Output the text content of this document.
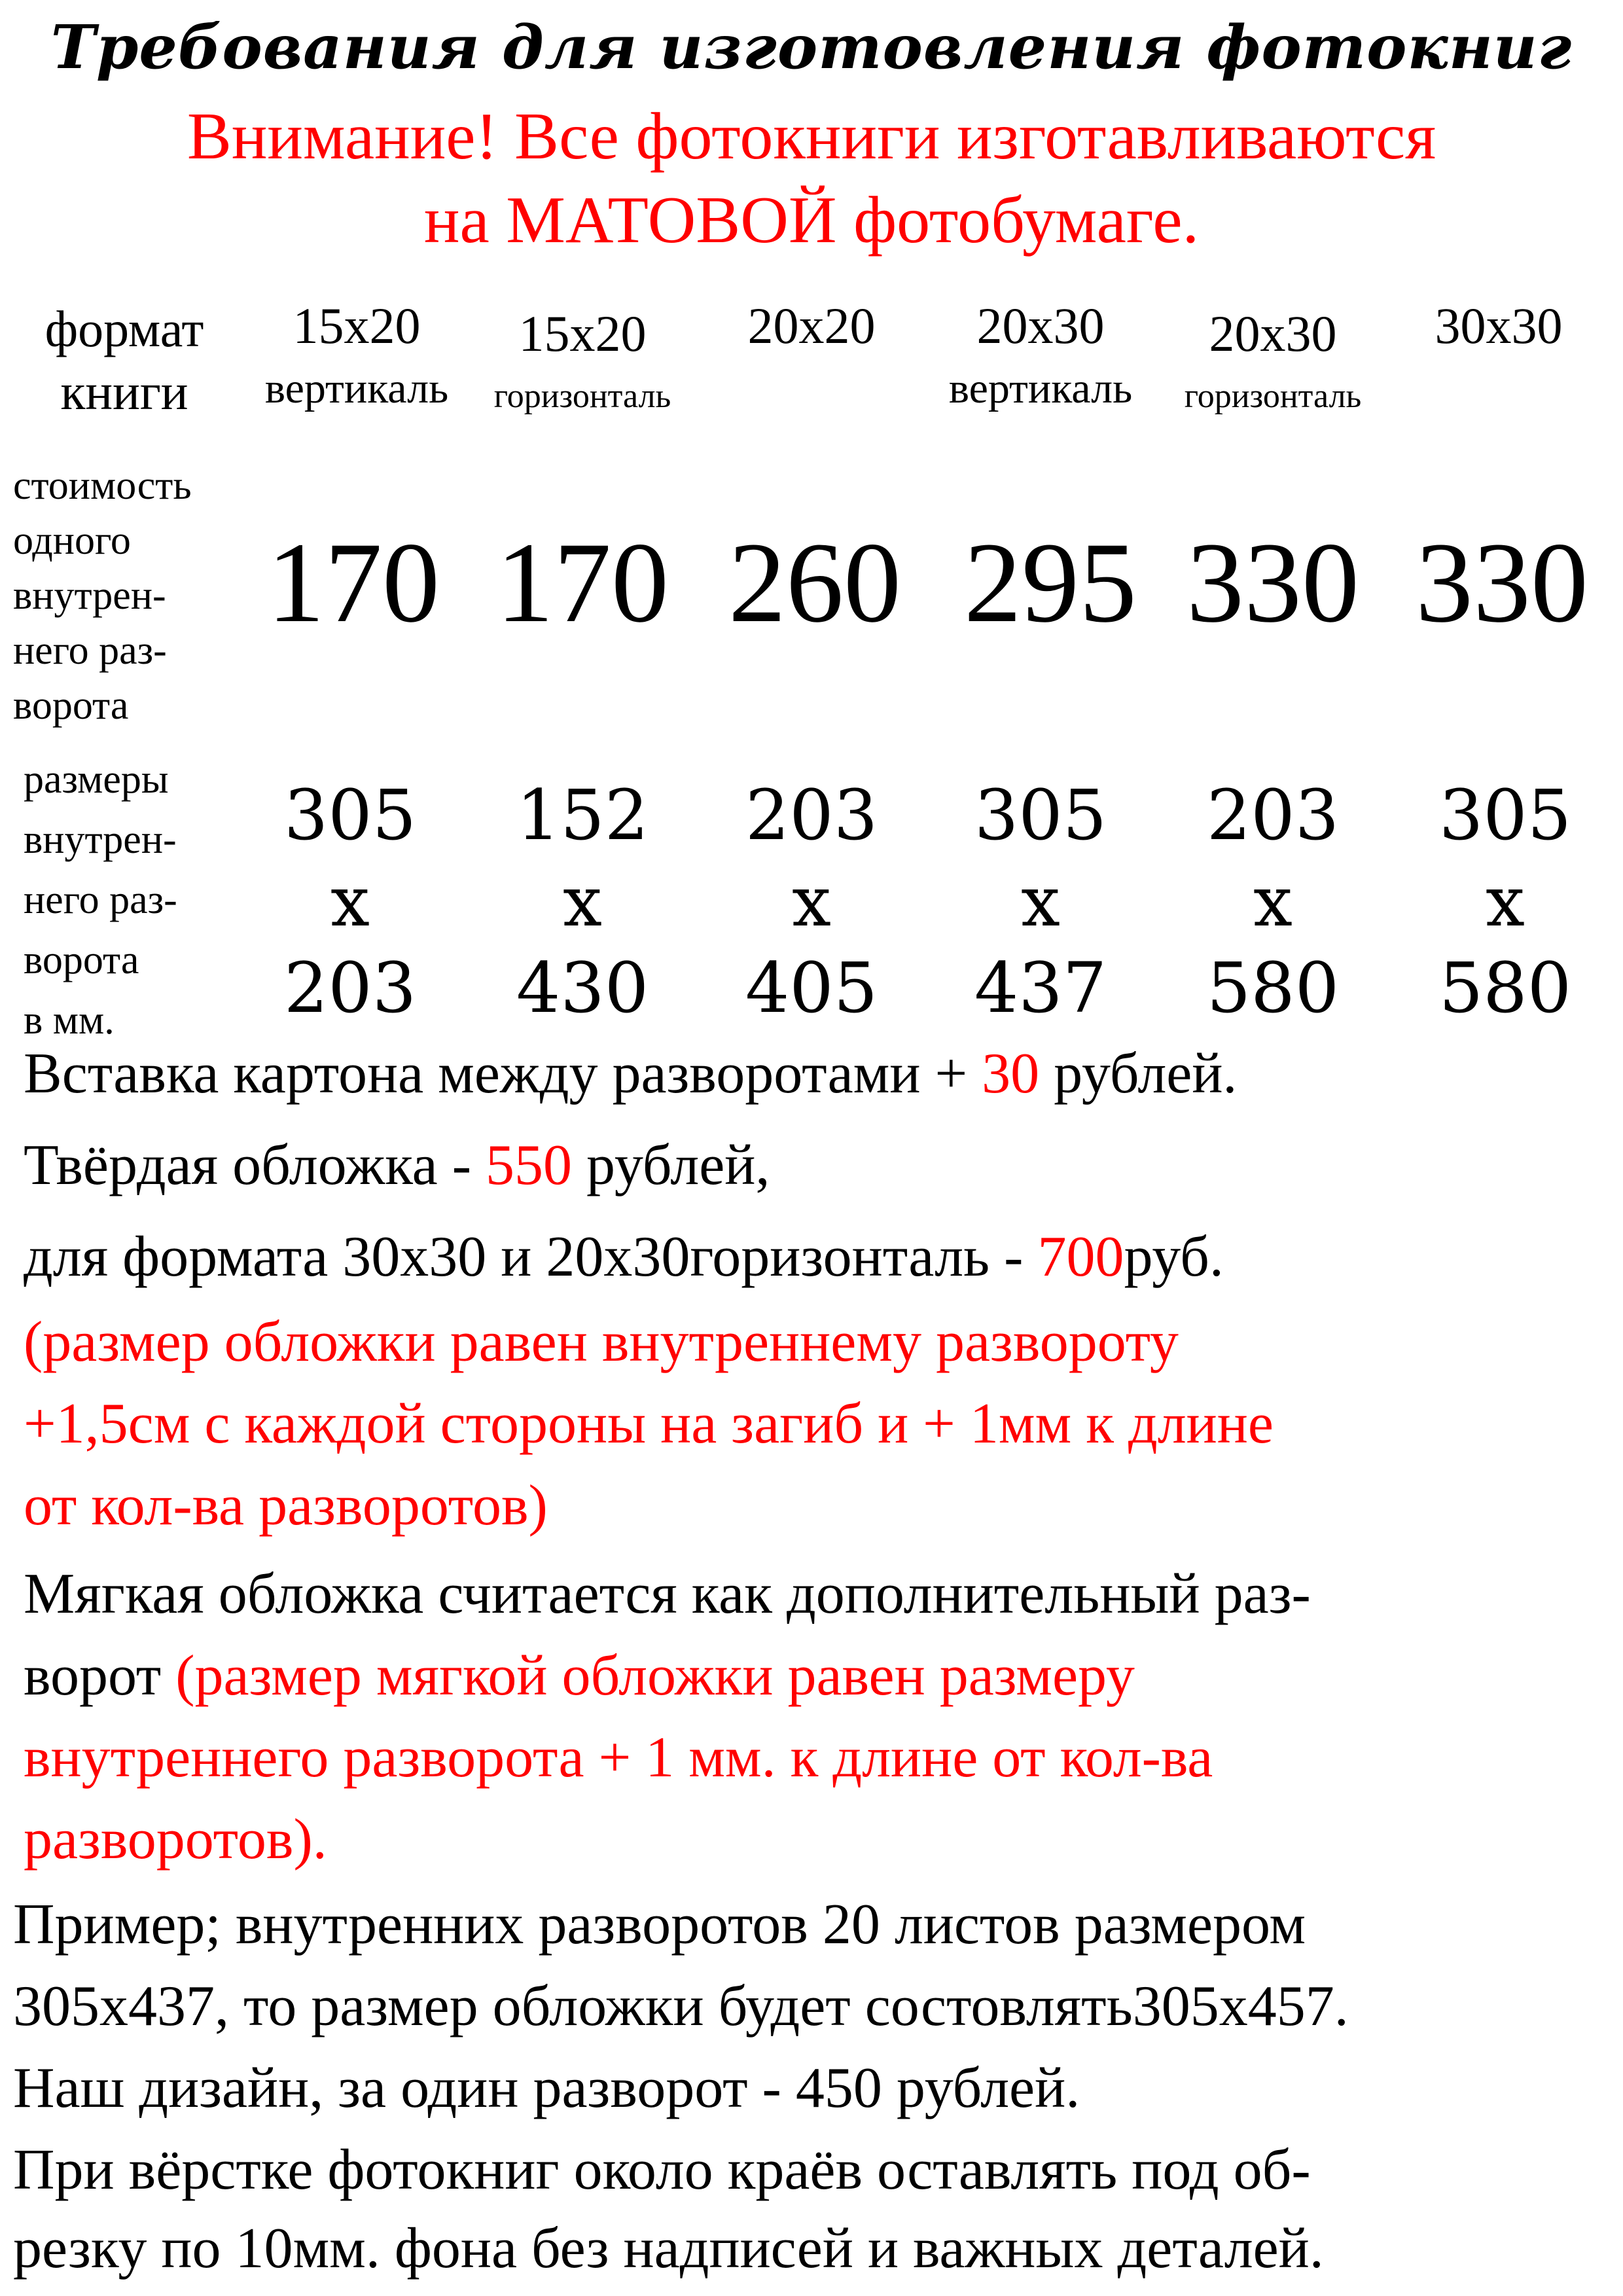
Требования для изготовления фотокниг
Внимание! Все фотокниги изготавливаются
на МАТОВОЙ фотобумаге.
формат
книги
15x20
вертикаль
15x20
горизонталь
20x20	20x30
вертикаль
20x30
горизонталь
30x30
стоимость
одного
внутрен-
него раз-
ворота
170 170 260 295 330 330
размеры
внутрен-
него раз-
ворота
в мм.
305
x
203
152
x
430
203
x
405
305
x
437
203
x
580
305
x
580
Вставка картона между разворотами + 30 рублей.
Твёрдая обложка - 550 рублей,
для формата 30x30 и 20x30горизонталь - 700руб.
(размер обложки равен внутреннему развороту
+1,5см с каждой стороны на загиб и + 1мм к длине
от кол-ва разворотов)
Мягкая обложка считается как дополнительный раз-
ворот (размер мягкой обложки равен размеру
внутреннего разворота + 1 мм. к длине от кол-ва
разворотов).
Пример; внутренних разворотов 20 листов размером
305x437, то размер обложки будет состовлять305x457.
Наш дизайн, за один разворот - 450 рублей.
При вёрстке фотокниг около краёв оставлять под об-
резку по 10мм. фона без надписей и важных деталей.
